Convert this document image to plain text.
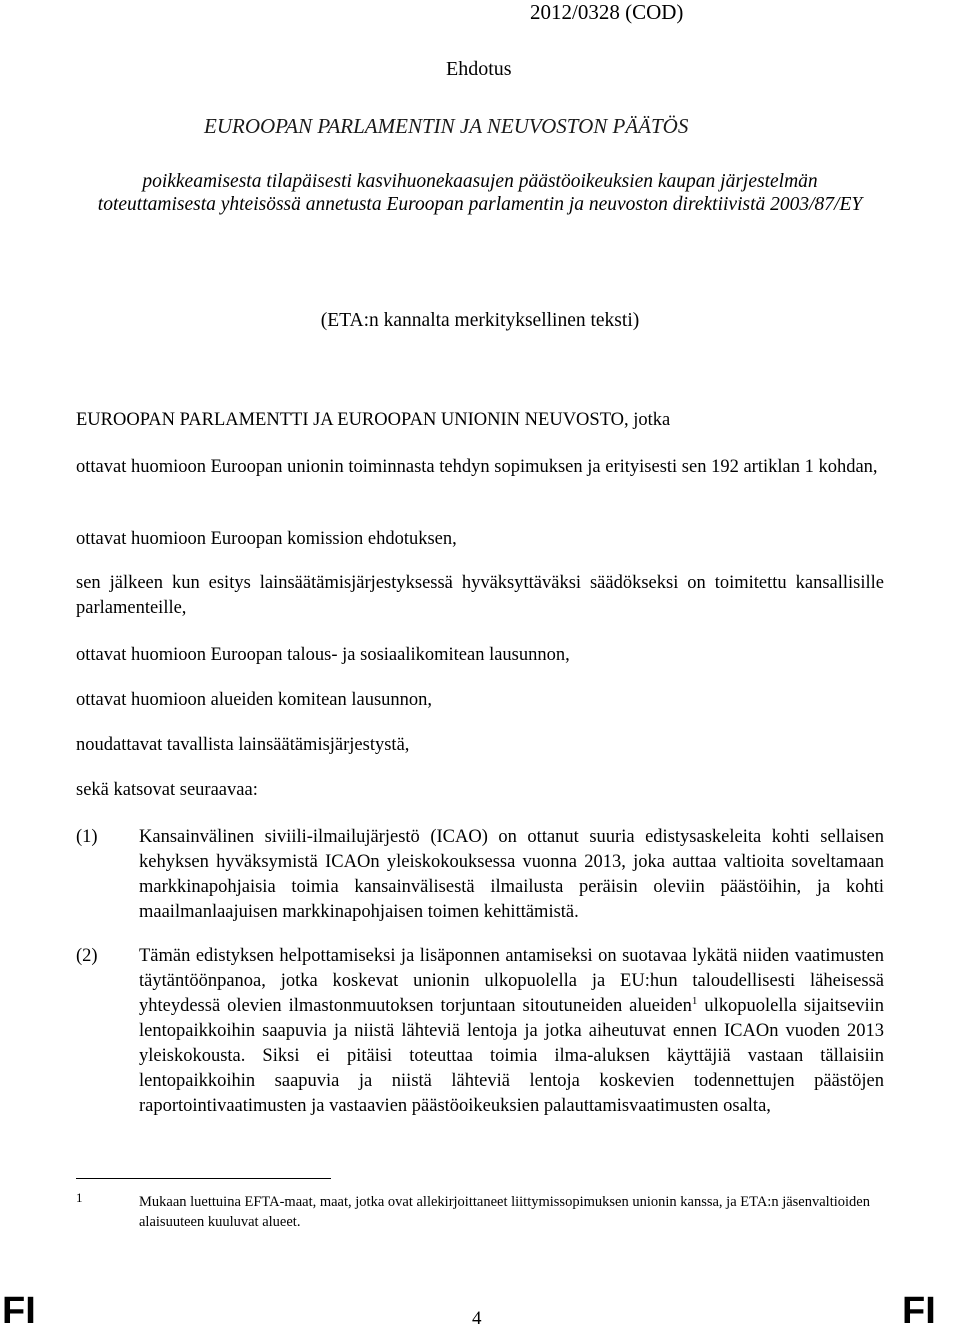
2012/0328 (COD)
Ehdotus
EUROOPAN PARLAMENTIN JA NEUVOSTON PÄÄTÖS
poikkeamisesta tilapäisesti kasvihuonekaasujen päästöoikeuksien kaupan järjestelmän toteuttamisesta yhteisössä annetusta Euroopan parlamentin ja neuvoston direktiivistä 2003/87/EY
(ETA:n kannalta merkityksellinen teksti)
EUROOPAN PARLAMENTTI JA EUROOPAN UNIONIN NEUVOSTO, jotka
ottavat huomioon Euroopan unionin toiminnasta tehdyn sopimuksen ja erityisesti sen 192 artiklan 1 kohdan,
ottavat huomioon Euroopan komission ehdotuksen,
sen jälkeen kun esitys lainsäätämisjärjestyksessä hyväksyttäväksi säädökseksi on toimitettu kansallisille parlamenteille,
ottavat huomioon Euroopan talous- ja sosiaalikomitean lausunnon,
ottavat huomioon alueiden komitean lausunnon,
noudattavat tavallista lainsäätämisjärjestystä,
sekä katsovat seuraavaa:
(1) Kansainvälinen siviili-ilmailujärjestö (ICAO) on ottanut suuria edistysaskeleita kohti sellaisen kehyksen hyväksymistä ICAOn yleiskokouksessa vuonna 2013, joka auttaa valtioita soveltamaan markkinapohjaisia toimia kansainvälisestä ilmailusta peräisin oleviin päästöihin, ja kohti maailmanlaajuisen markkinapohjaisen toimen kehittämistä.
(2) Tämän edistyksen helpottamiseksi ja lisäponnen antamiseksi on suotavaa lykätä niiden vaatimusten täytäntöönpanoa, jotka koskevat unionin ulkopuolella ja EU:hun taloudellisesti läheisessä yhteydessä olevien ilmastonmuutoksen torjuntaan sitoutuneiden alueiden$^1$ ulkopuolella sijaitseviin lentopaikkoihin saapuvia ja niistä lähteviä lentoja ja jotka aiheutuvat ennen ICAOn vuoden 2013 yleiskokousta. Siksi ei pitäisi toteuttaa toimia ilma-aluksen käyttäjiä vastaan tällaisiin lentopaikkoihin saapuvia ja niistä lähteviä lentoja koskevien todennettujen päästöjen raportointivaatimusten ja vastaavien päästöoikeuksien palauttamisvaatimusten osalta,
1	Mukaan luettuina EFTA-maat, maat, jotka ovat allekirjoittaneet liittymissopimuksen unionin kanssa, ja ETA:n jäsenvaltioiden alaisuuteen kuuluvat alueet.
FI	4	FI
